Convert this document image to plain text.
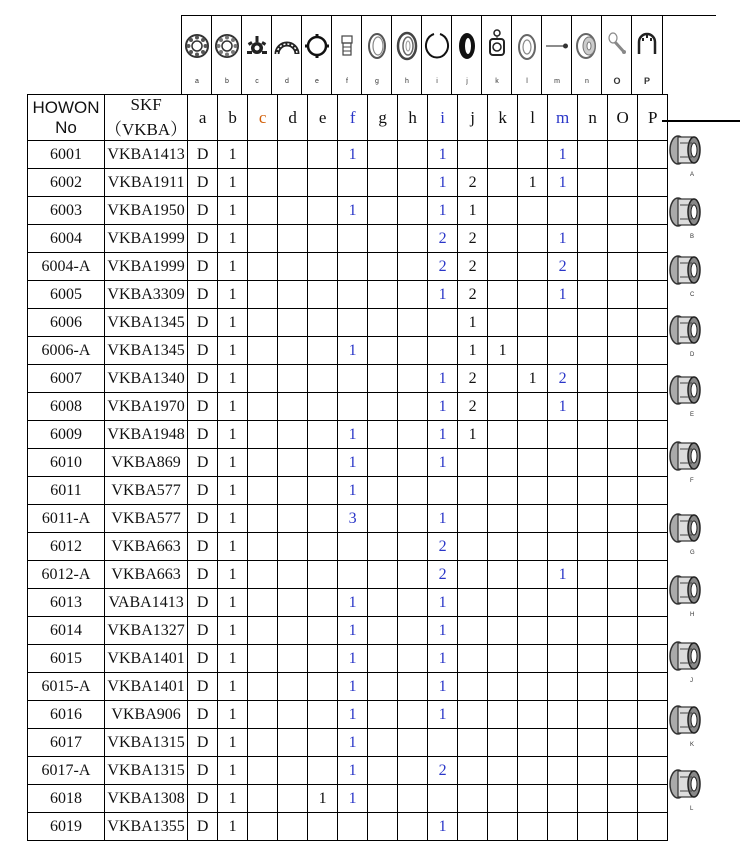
a	b	c	d	e	f	g	h	i	j	k	l	m	n	O	P
HOWON No	SKF（VKBA）	a	b	c	d	e	f	g	h	i	j	k	l	m	n	O	P
6001	VKBA1413	D	1				1			1				1			
6002	VKBA1911	D	1							1	2		1	1			
6003	VKBA1950	D	1				1			1	1						
6004	VKBA1999	D	1							2	2			1			
6004-A	VKBA1999	D	1							2	2			2			
6005	VKBA3309	D	1							1	2			1			
6006	VKBA1345	D	1								1						
6006-A	VKBA1345	D	1				1				1	1					
6007	VKBA1340	D	1							1	2		1	2			
6008	VKBA1970	D	1							1	2			1			
6009	VKBA1948	D	1				1			1	1						
6010	VKBA869	D	1				1			1							
6011	VKBA577	D	1				1										
6011-A	VKBA577	D	1				3			1							
6012	VKBA663	D	1							2							
6012-A	VKBA663	D	1							2				1			
6013	VABA1413	D	1				1			1							
6014	VKBA1327	D	1				1			1							
6015	VKBA1401	D	1				1			1							
6015-A	VKBA1401	D	1				1			1							
6016	VKBA906	D	1				1			1							
6017	VKBA1315	D	1				1										
6017-A	VKBA1315	D	1				1			2							
6018	VKBA1308	D	1			1	1										
6019	VKBA1355	D	1							1							
A
B
C
D
E
F
G
H
J
K
L
